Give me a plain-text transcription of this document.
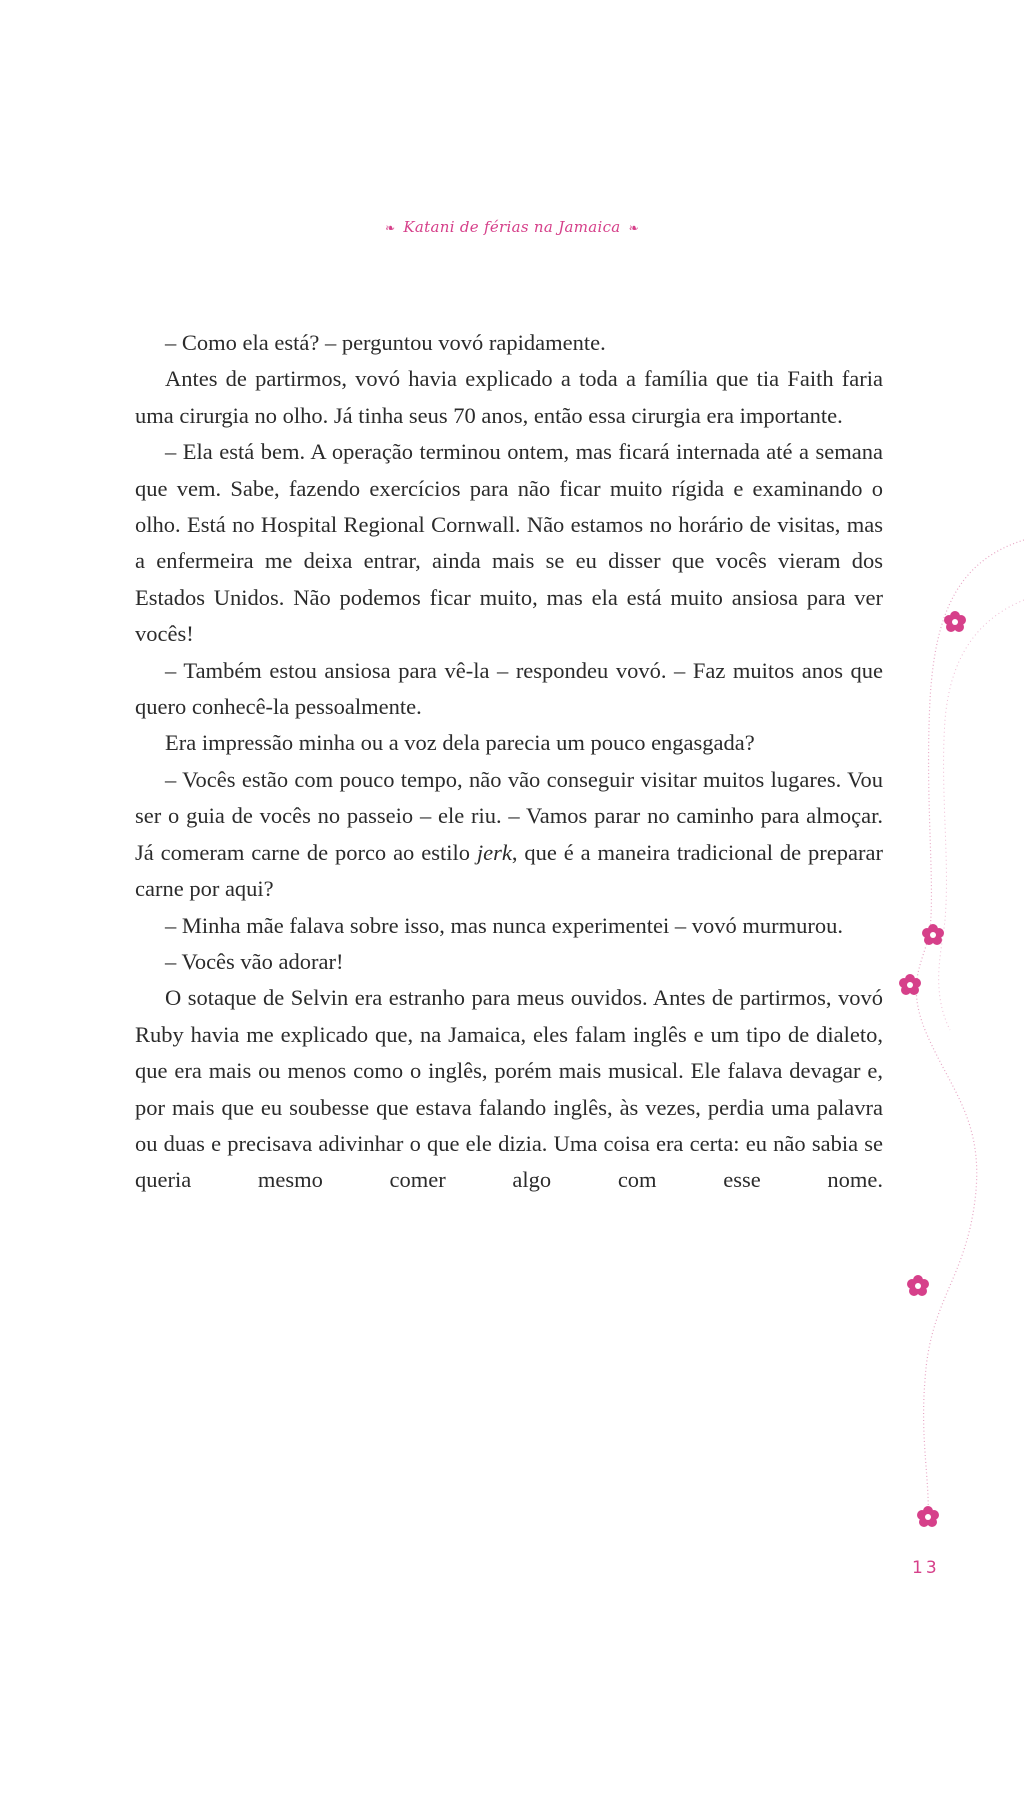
❧ Katani de férias na Jamaica ❧

– Como ela está? – perguntou vovó rapidamente.

Antes de partirmos, vovó havia explicado a toda a família que tia Faith faria uma cirurgia no olho. Já tinha seus 70 anos, então essa cirurgia era importante.

– Ela está bem. A operação terminou ontem, mas ficará internada até a semana que vem. Sabe, fazendo exercícios para não ficar muito rígida e examinando o olho. Está no Hospital Regional Cornwall. Não estamos no horário de visitas, mas a enfermeira me deixa entrar, ainda mais se eu disser que vocês vieram dos Estados Unidos. Não podemos ficar muito, mas ela está muito ansiosa para ver vocês!

– Também estou ansiosa para vê-la – respondeu vovó. – Faz muitos anos que quero conhecê-la pessoalmente.

Era impressão minha ou a voz dela parecia um pouco engasgada?

– Vocês estão com pouco tempo, não vão conseguir visitar muitos lugares. Vou ser o guia de vocês no passeio – ele riu. – Vamos parar no caminho para almoçar. Já comeram carne de porco ao estilo jerk, que é a maneira tradicional de preparar carne por aqui?

– Minha mãe falava sobre isso, mas nunca experimentei – vovó murmurou.

– Vocês vão adorar!

O sotaque de Selvin era estranho para meus ouvidos. Antes de partirmos, vovó Ruby havia me explicado que, na Jamaica, eles falam inglês e um tipo de dialeto, que era mais ou menos como o inglês, porém mais musical. Ele falava devagar e, por mais que eu soubesse que estava falando inglês, às vezes, perdia uma palavra ou duas e precisava adivinhar o que ele dizia. Uma coisa era certa: eu não sabia se queria mesmo comer algo com esse nome.

13
